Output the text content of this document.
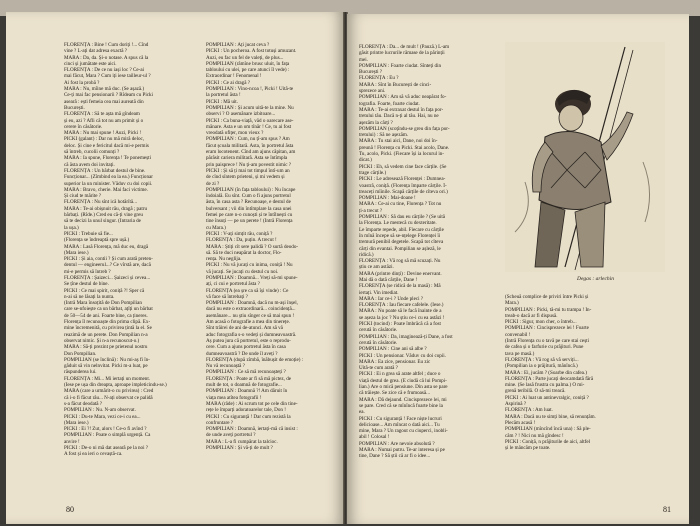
FLORENȚA : Bine ! Cum doriți !... Cînd

vine ? L-ați dat adresa exactă ?

MARA : Da, da. Și-o notase. A spus că la

cinci și jumătate este aici.

FLORENȚA : De ce nu iași loc ? Ce-ai

mai făcut, Mara ? Cum iți iese tailleur-ul ?

Ai fost la probă ?

MARA : Nu, mîine mă duc. (Se așază.)

Ce-ți mai fac pensionarii ? Rîdeam cu Picki

aseară : ești femeia cea mai aureată din

București.

FLORENȚA : Să te așta mă gîndeam

și eu, azi ? Afli că tot nu am primit și o

cerere în căsătorie.

MARA : Nu mai spune ! Auzi, Picki !

PICKI (galant) : Dar nu mă miră deloc,

deloc. Și cine e fericitul dacă mi-e permis

să întreb, cucolii comunți ?

MARA : Ia spune, Florența ! Te ponemești

că ăsta avem doi invitați.

FLORENȚA : Un bărbat destul de bine.

Funcționar... (Zîmbind ea la ea.) Funcționar

superior la un minister. Văduv cu doi copii.

MARA : Bravo, cherie. Mai faci victime.

Și ciud te mărite ?

FLORENȚA : Nu sînt ică hotărîtă...

MARA : Te-ai obișnuit rău, dragă ; patru

bărbați. (Rîde.) Cred eu că-ți vine greu

să te decizi la unul singur. (Intraria de

la ușa.)

PICKI : Trebuie să fie...

(Florența se îndreaptă spre ușă.)

MARA : Lasă Florența, mă duc eu, dragă

(Mara iese.)

PICKI : Și aia, contii ? Și cum arată preten-

dentul — engineerul...? Ce vîrstă are, dacă

mi-e permis să întreb ?

FLORENȚA : Șaizeci... Șaizeci și cevea...

Se țîne destul de bine.

PICKI : Ce mai spirit, coniță ?! Sper că

n-ai să ne lăsați la nunta.

(Intră Mara însoțită de Don Pompilian

care se-nfoiește ca un bărbat, ațîți un bărbat

de 50—54 de ani. Foarte bine, ca țineres.

Florența îl recunoaște din prima clipă. Ex-

mine încremenită, cu privirea țintă la el. Se

reazimă de un perete. Don Pompilian n-a

observat nimic. Și n-a recunoscut-o.)

MARA : Să-ți prezint pe prietenul nostru

Don Pompilian.

POMPILIAN (se înclină) : Nu mi-aș fi în-

găduit să vin nelnvitat. Picki m-a luat, pe

răspunderea lui.

FLORENȚA : Mi... Mi iertați un moment.

(Iese pe ușa din dreapta, aproape impleticindu-se.)

MARA (care a urmărit-o cu privirea) : Cred

că i-o fi făcut rău... N-ați observat ce palidă

s-a făcut deodată ?

POMPILIAN : Nu. N-am observat.

PICKI : Du-te Mara, vezi ce-i cu ea...

(Mara iese.)

PICKI : Ei ?! Zut, alors ! Ce-o fi avînd ?

POMPILIAN : Poate o simplă urgență. Ca

anvire !

PICKI : De-o ni mă dat aseară pe la noi ?

A fost și ea ieri o cevaștă-ca.

POMPILIAN : Ați jucat ceva ?

PICKI : Un pocheroa. A fost totuși amuzant.

Auzi, eu fac un fel de valeți, de plus...

POMPILIAN (rămîne brusc uluit, în fața

tabloului cu ulei, pe care atunci îl vede) :

Extraordinar ! Fenomenal !

PICKI : Ce ai dragă ?

POMPILIAN : Vino-ncoa !, Picki ! Uită-te

la portretul ăsta !

PICKI : Mă uit.

POMPILIAN : Și acum uită-te la mine. Nu

observi ? O asemănare izbitoare...

PICKI : Ca buna-viață, văd o oarecare ase-

mănare. Asta e un om tînăr ! Ce, tu ai fost

vreodată ofițer, mon vieux ?

POMPILIAN : Cum, nu țî-am spus ? Am

făcut școala militară. Asta, în portretul ăsta

eram locotenent. Cînd am ajuns căpitan, am

părăsit cariera militară. Asta se întîmpla

prin paisprece ! Nu ți-am povestit nimic ?

PICKI : Și să ți mai tot timpul întî-um an

de cînd sîntem prieteni, și mi vedem și

de zi ?

POMPILIAN (în fața tabloului) : Nu încape

îndoială. Eu sînt. Cum o fi ajuns portretul

ăsta, în casa asta ? Recunoașe, e destul de

bulversant ; vii din întîmplare la casa unei

femei pe care n-o cunoști și te întîlnești cu

tine însuți — pe un perete ! (Intră Florența

cu Mara.)

PICKI : V-ați simțit rău, coniță ?

FLORENȚA : Da, puțin. A trecut !

MARA : Știți cît sere palidă ? O surtă deodo-

să. Să te duci neapărat la doctor, Flo-

rența. Nu neglija.

PICKI : Nu vă jucați cu inima, coniță ! Nu

vă jucați. Se jucați cu destul cu noi.

POMPILIAN : Doamnă... Vreți să-mi spune-

ați, ci cui e portretul ăsta ?

FLORENȚA (ea șre ca să își vinde) : Ce

vă face să întrebați ?

POMPILIAN : Doamnă, dacă nu m-ași înșel,

dacă nu este o extraordinară... coincidență...

asemănare... nu știu sînger ce să mai spun !

Am acasă o fotografie a mea din tinerețe.

Sînt trăirei de ani de-atunci. Am să vă

aduc fotografia s-o vedeți și dumneavoastră.

Aș putea jura că portretul, este o reprodu-

cere. Cum a ajuns portretul ăsta în casa

dumneavoastră ? De unde îl aveți ?

FLORENȚA (după zîmbă, înăbușit de emoție) :

Nu vă recunoaștă ?

POMPILIAN : Ce să mă recunoașteți ?

FLORENȚA : Poate ar fi să mă pictez, de

mult de tot, o doamnă de fotografie...

POMPILIAN : Doamnă ?! Am dăruit în

viața mea atîtea fotografii !

MARA (râde) : Ai scrum tot pe cele din tine-

rețe le împarți adoratoarelor tale, Don !

PICKI : Cu siguranță ! Dar cum rezistă la

confruntare ?

POMPILIAN : Doamnă, iertați-mă că insist :

de unde aveți portretul ?

MARA : L-a fi cumpărat la talcioc.

POMPILIAN : Și vă-ți de mult ?

80

FLORENȚA : Da... de mult ! (Pauză.) L-am

găsit printre lucrurile rămase de la părinții

mei.

POMPILIAN : Foarte ciudat. Sînteți din

București ?

FLORENȚA : Eu ?

MARA : Sînt în București de cinci-

sprezece ani.

POMPILIAN : Am să vă aduc neapărat fo-

tografia. Foarte, foarte ciudat.

MARA : Te-ai extraxat destul în fața por-

tretului tău. Dacă n-ți al tău. Hai, nu ne

așezăm la cărți ?

POMPILIAN (scoțîndu-se greu din fața por-

tretului) : Să ne așezăm.

MARA : Tu stai aici, Dane, noi doi în-

preună ! Florența cu Picki. Stai acolo, Dane.

Tu, acolo, Picki. (Fiecare își ia locurul in-

dicat.)

PICKI : Eh, să vedem cine face cărțile. (Se

trage cărțile.)

PICKI : Le adresează Florenței : Dumnea-

voastră, coniță. (Florența împarte cărțile. Î-

treaceți mîinile. Scapă cărțile de cîteva ori.)

POMPILIAN : Mai-doane !

MARA : Ce-ai cu tine, Florența ? Tot nu

ți-a trecut ?

POMPILIAN : Să dau eu cărțile ? (Se uită

la Florența. Le mestecă cu dexteritate.

Le împarte repede, abil. Fiecare cu cărțile

în mînă începe să se-nțelege Florenței îi

tremură penibil degetele. Scapă tot cîteva

cărți din evantai. Pompilian se așleză, le

ridică.)

FLORENȚA : Vă rog să mă scuzați. Nu

știu ce am astăzi.

MARA (printre dinți) : Devine enervant.

Mai dă o dată cărțile, Dane !

FLORENȚA (se ridică de la masă) : Mă

iertați. Vin imediat.

MARA : Iar ce-i ? Unde pleci ?

FLORENȚA : Iau fiecare cafelele. (Iese.)

MARA : Nu poate să le facă înainte de a

se așeza la joc ? Nu știu ce-i cu ea astăzi !

PICKI (tocind) : Poate îmbrăcă că a fost

cerută în căsătorie.

POMPILIAN : Da, imaginează-ți Dane, a fost

cerută în căsătorie.

POMPILIAN : Cine ani să albe ?

PICKI : Un pensionar. Văduv cu doi copii.

MARA : Ea zice, pensionar. Eu zic

Uită-te cum arată ?

PICKI : Ei n grea să arate altfel ; duce o

viață destul de grea. (E ciudă că lui Pompi-

lian.) Are o mică pensiune. Din asta se pare

că trăiește. Se zice că e frumoasă...

MARA : Dă dejaund. Cincisprezece lei, mi

se pare. Cred că se mînîncă foarte bine la

ea.

PICKI : Cu siguranță ! Face niște lucruri

delicioase... Am mîncat o dată aici... Tu

mine, Mara ? Un ragout cu ciuperci, inobli-

abil ! Colosal !

POMPILIAN : Are nevoie absolută ?

MARA : Numai putru. Te-ar interesa și pe

tine, Dane ? Să știi că ar fi o idee...

Degas : arlechin

(Scheuă complice de priviri între Picki și

Mara.)

POMPILIAN : Picki, tă-mi tu trampa ! In-

treab-o dacă ar fi dispusă.

PICKI : Sigur, mon cher, o întreb...

POMPILIAN : Cincisprezece lei ! Foarte

convenabil !

(Intră Florența cu o tavă pe care stai cești

de cafea și o farfurie cu prăjituri. Pune

tava pe masă.)

FLORENȚA : Vă rog să vă serviți...

(Pompilian ia o prăjitură, mănîncă.)

MARA : Ei, jucăm ? (Soarbe din cafea.)

FLORENȚA : Parte jucați deocamdată fără

mine. (Se lasă frustra cu palma.) O mi-

grenă teribilă. O să-mi treacă.

PICKI : Ai luat un antinevralgic, coniță ?

Aspirină ?

FLORENȚA : Am luat.

MARA : Dacă nu te simți bine, să renunțăm.

Plecăm acasă !

POMPILIAN (mîncînd încă una) : Să ple-

căm ? ! Nici nu mă gîndesc !

PICKI : Coniță, n prăjiturile de aici, altfel

și le mâncăm pe toate.

81
